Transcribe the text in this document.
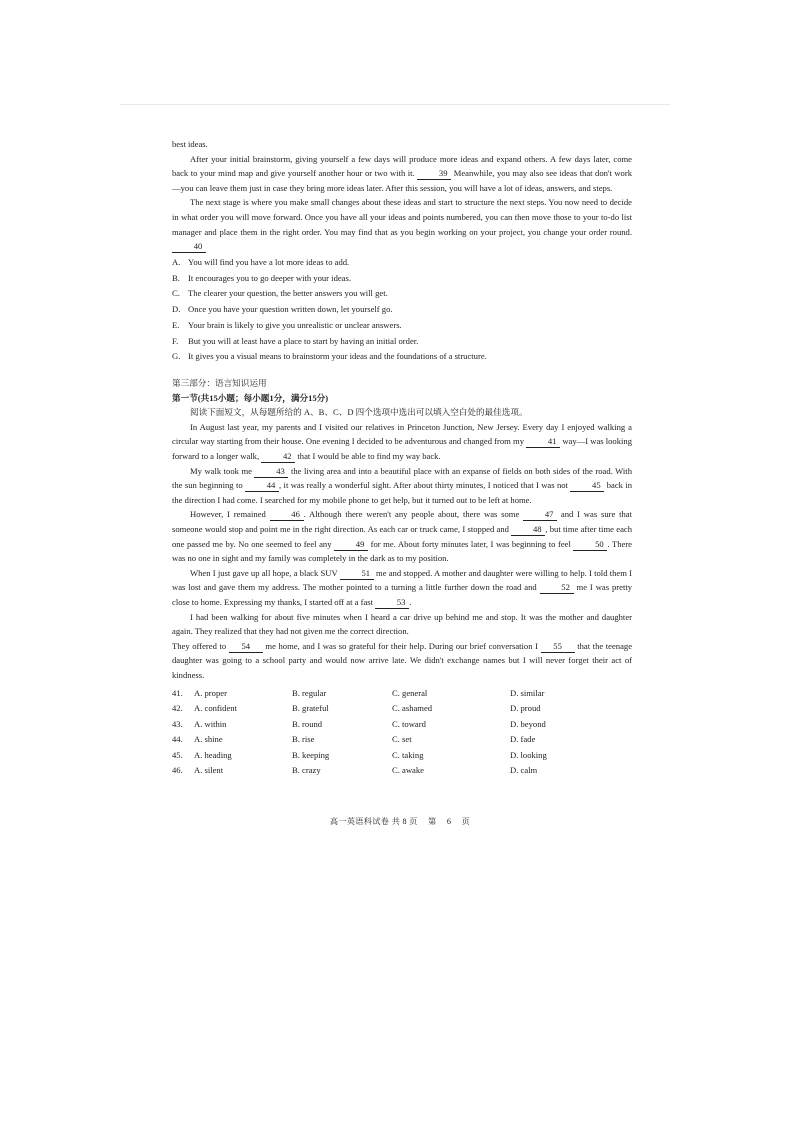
best ideas.

After your initial brainstorm, giving yourself a few days will produce more ideas and expand others. A few days later, come back to your mind map and give yourself another hour or two with it.	39 Meanwhile, you may also see ideas that don't work—you can leave them just in case they bring more ideas later. After this session, you will have a lot of ideas, answers, and steps.

The next stage is where you make small changes about these ideas and start to structure the next steps. You now need to decide in what order you will move forward. Once you have all your ideas and points numbered, you can then move those to your to-do list manager and place them in the right order. You may find that as you begin working on your project, you change your order round. 40

A. You will find you have a lot more ideas to add.
B. It encourages you to go deeper with your ideas.
C. The clearer your question, the better answers you will get.
D. Once you have your question written down, let yourself go.
E. Your brain is likely to give you unrealistic or unclear answers.
F. But you will at least have a place to start by having an initial order.
G. It gives you a visual means to brainstorm your ideas and the foundations of a structure.
第三部分：语言知识运用
第一节(共15小题；每小题1分，满分15分)

阅读下面短文，从每题所给的 A、B、C、D 四个选项中选出可以填入空白处的最佳选项。

In August last year, my parents and I visited our relatives in Princeton Junction, New Jersey. Every day I enjoyed walking a circular way starting from their house. One evening I decided to be adventurous and changed from my	41 way—I was looking forward to a longer walk,	42 that I would be able to find my way back.

My walk took me	43 the living area and into a beautiful place with an expanse of fields on both sides of the road. With the sun beginning to	44 , it was really a wonderful sight. After about thirty minutes, I noticed that I was not	45 back in the direction I had come. I searched for my mobile phone to get help, but it turned out to be left at home.

However, I remained	46 . Although there weren't any people about, there was some	47 and I was sure that someone would stop and point me in the right direction. As each car or truck came, I stopped and	48 , but time after time each one passed me by. No one seemed to feel any	49 for me. About forty minutes later, I was beginning to feel	50 . There was no one in sight and my family was completely in the dark as to my position.

When I just gave up all hope, a black SUV	51 me and stopped. A mother and daughter were willing to help. I told them I was lost and gave them my address. The mother pointed to a turning a little further down the road and	52 me I was pretty close to home. Expressing my thanks, I started off at a fast	53 .

I had been walking for about five minutes when I heard a car drive up behind me and stop. It was the mother and daughter again. They realized that they had not given me the correct direction.

They offered to 54 me home, and I was so grateful for their help. During our brief conversation I 55 that the teenage daughter was going to a school party and would now arrive late. We didn't exchange names but I will never forget their act of kindness.

41.	A. proper	B. regular	C. general	D. similar
42.	A. confident	B. grateful	C. ashamed	D. proud
43.	A. within	B. round	C. toward	D. beyond
44.	A. shine	B. rise	C. set	D. fade
45.	A. heading	B. keeping	C. taking	D. looking
46.	A. silent	B. crazy	C. awake	D. calm
高一英语科试卷 共 8 页 第 6 页
